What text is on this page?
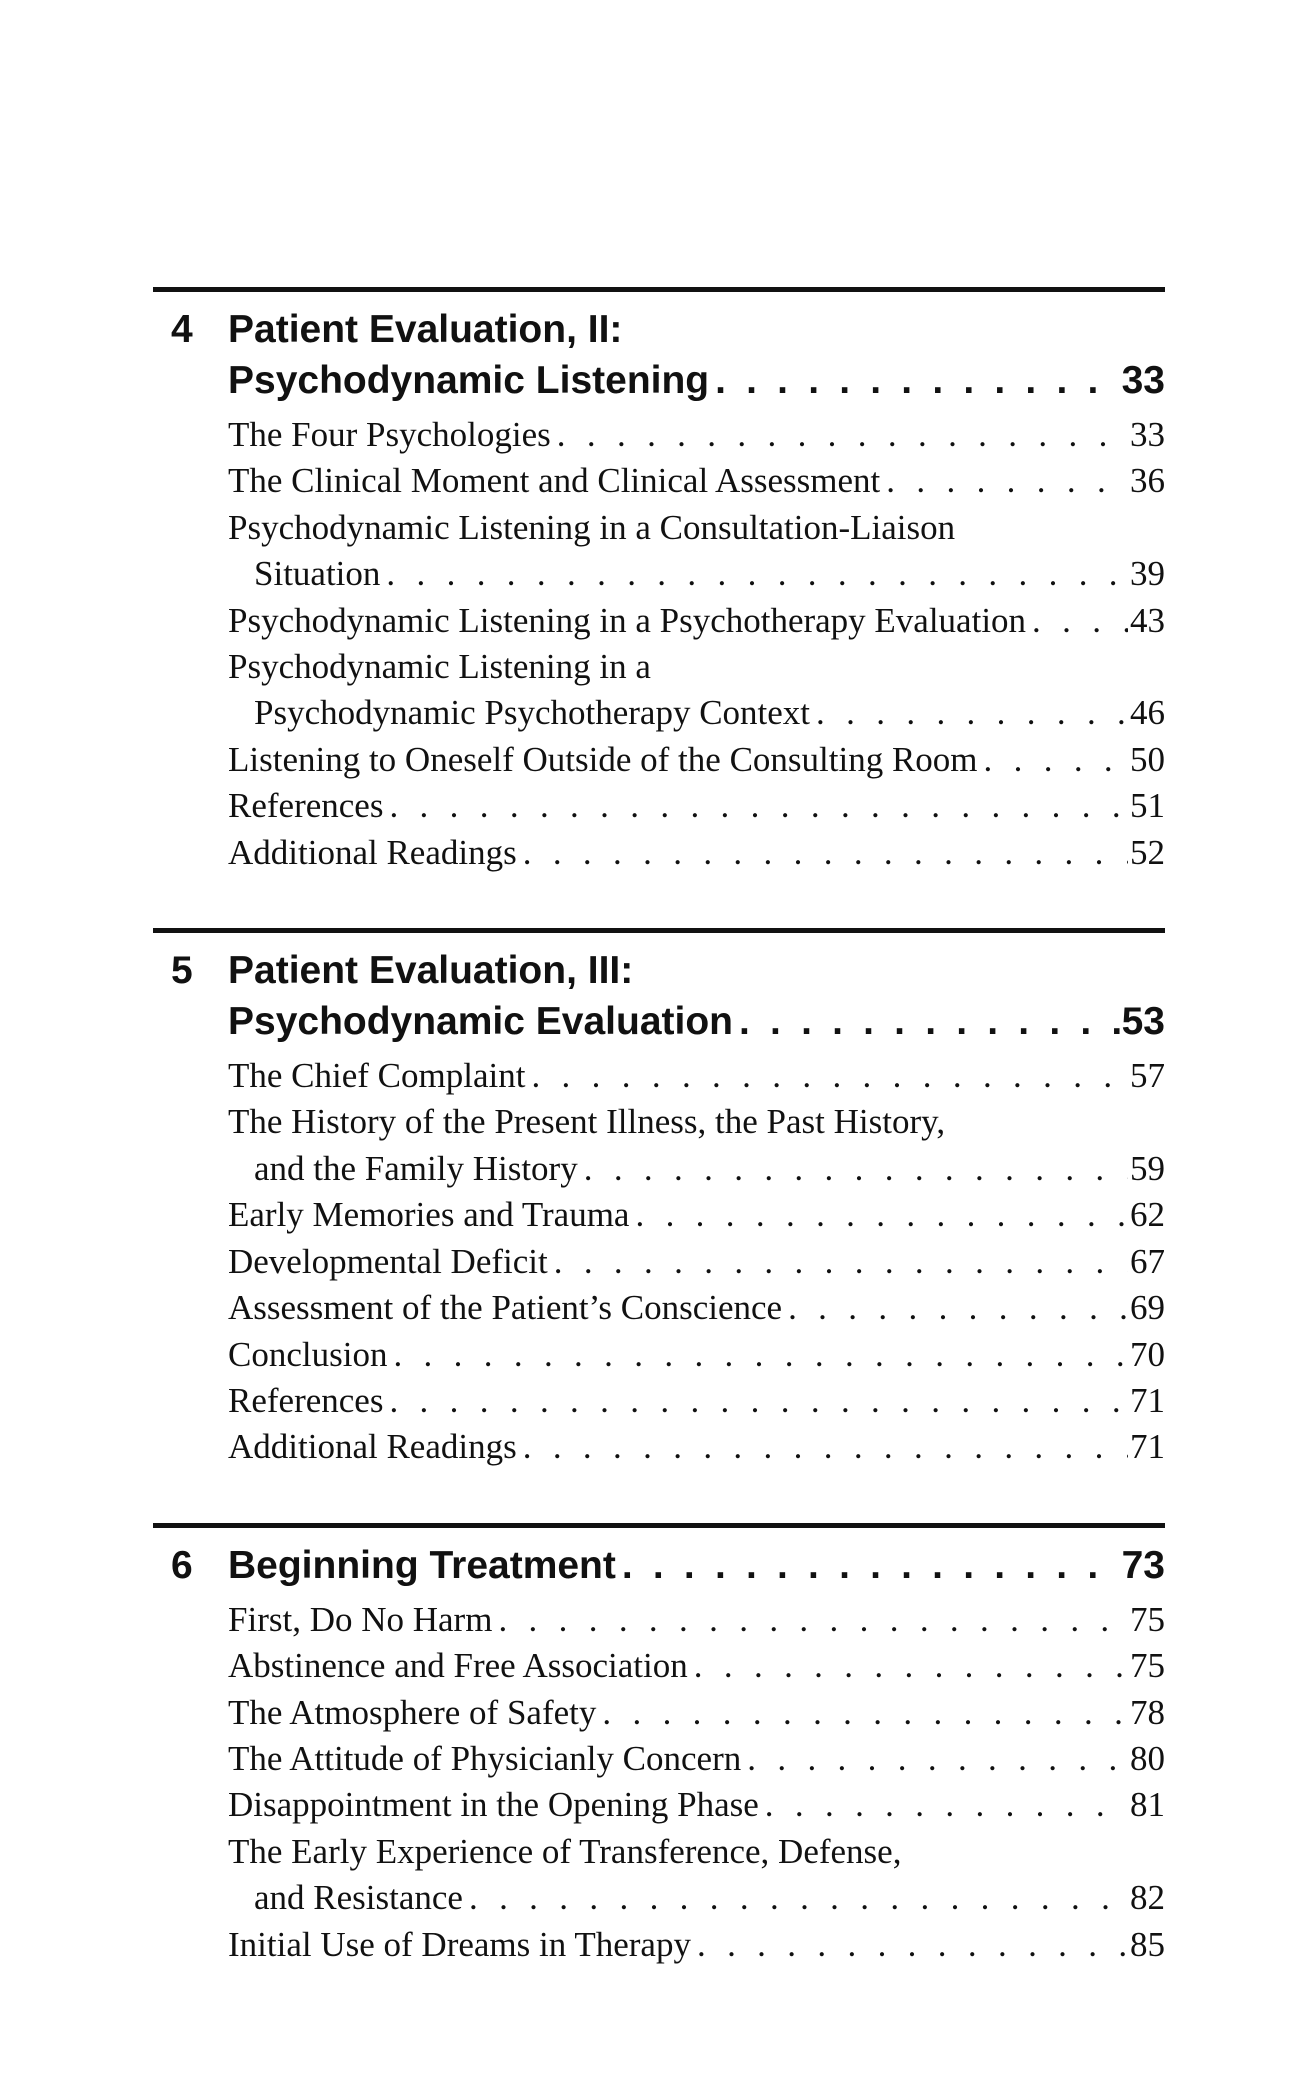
4 Patient Evaluation, II:
Psychodynamic Listening . . .	33
The Four Psychologies . . .	33
The Clinical Moment and Clinical Assessment . . .	36
Psychodynamic Listening in a Consultation-Liaison
Situation . . .	39
Psychodynamic Listening in a Psychotherapy Evaluation . . .	43
Psychodynamic Listening in a
Psychodynamic Psychotherapy Context . . .	46
Listening to Oneself Outside of the Consulting Room . . .	50
References . . .	51
Additional Readings . . .	52
5 Patient Evaluation, III:
Psychodynamic Evaluation . . .	53
The Chief Complaint . . .	57
The History of the Present Illness, the Past History,
and the Family History . . .	59
Early Memories and Trauma . . .	62
Developmental Deficit . . .	67
Assessment of the Patient’s Conscience . . .	69
Conclusion . . .	70
References . . .	71
Additional Readings . . .	71
6 Beginning Treatment . . .	73
First, Do No Harm . . .	75
Abstinence and Free Association . . .	75
The Atmosphere of Safety . . .	78
The Attitude of Physicianly Concern . . .	80
Disappointment in the Opening Phase . . .	81
The Early Experience of Transference, Defense,
and Resistance . . .	82
Initial Use of Dreams in Therapy . . .	85
